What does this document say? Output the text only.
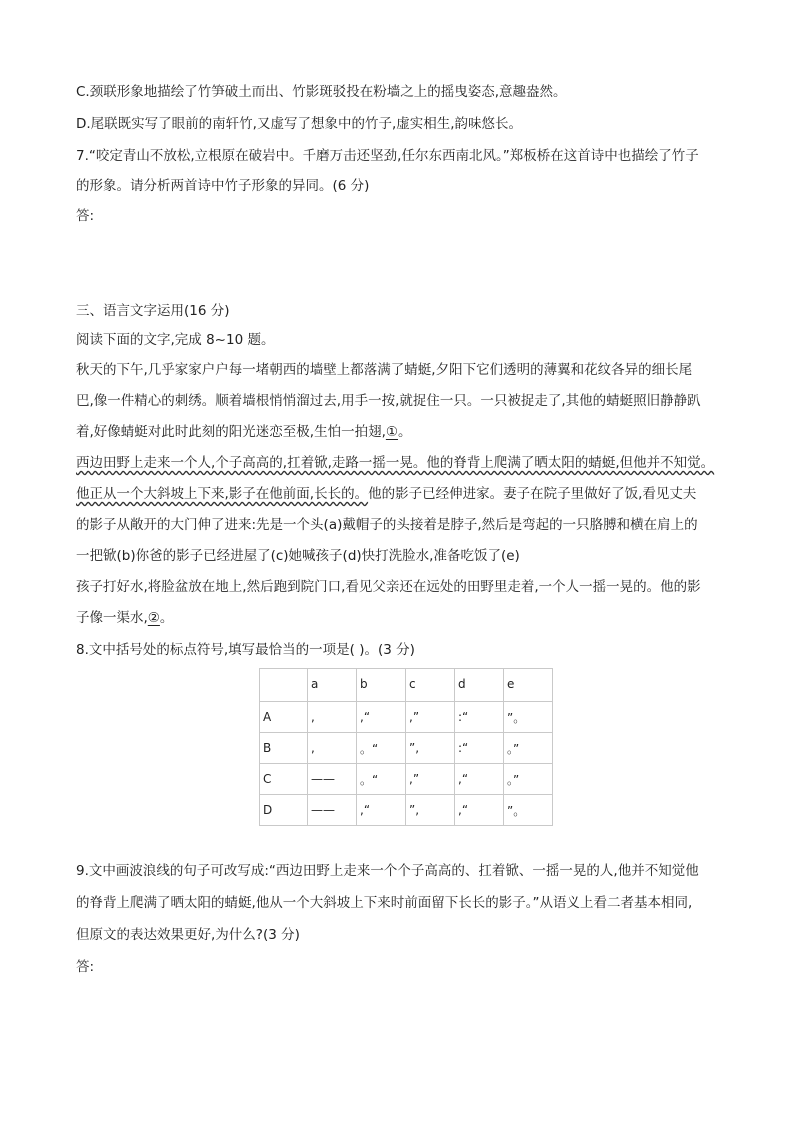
C.颈联形象地描绘了竹笋破土而出、竹影斑驳投在粉墙之上的摇曳姿态,意趣盎然。
D.尾联既实写了眼前的南轩竹,又虚写了想象中的竹子,虚实相生,韵味悠长。
7.“咬定青山不放松,立根原在破岩中。千磨万击还坚劲,任尔东西南北风。”郑板桥在这首诗中也描绘了竹子
的形象。请分析两首诗中竹子形象的异同。(6 分)
答:
三、语言文字运用(16 分)
阅读下面的文字,完成 8~10 题。
秋天的下午,几乎家家户户每一堵朝西的墙壁上都落满了蜻蜓,夕阳下它们透明的薄翼和花纹各异的细长尾
巴,像一件精心的刺绣。顺着墙根悄悄溜过去,用手一按,就捉住一只。一只被捉走了,其他的蜻蜓照旧静静趴
着,好像蜻蜓对此时此刻的阳光迷恋至极,生怕一拍翅,①。
西边田野上走来一个人,个子高高的,扛着锨,走路一摇一晃。他的脊背上爬满了晒太阳的蜻蜓,但他并不知觉。
他正从一个大斜坡上下来,影子在他前面,长长的。他的影子已经伸进家。妻子在院子里做好了饭,看见丈夫
的影子从敞开的大门伸了进来:先是一个头(a)戴帽子的头接着是脖子,然后是弯起的一只胳膊和横在肩上的
一把锨(b)你爸的影子已经进屋了(c)她喊孩子(d)快打洗脸水,准备吃饭了(e)
孩子打好水,将脸盆放在地上,然后跑到院门口,看见父亲还在远处的田野里走着,一个人一摇一晃的。他的影
子像一渠水,②。
8.文中括号处的标点符号,填写最恰当的一项是( )。(3 分)
	a	b	c	d	e
A	,	,“	,”	:“	”。
B	,	。“	”,	:“	。”
C	——	。“	,”	,“	。”
D	——	,“	”,	,“	”。
9.文中画波浪线的句子可改写成:“西边田野上走来一个个子高高的、扛着锨、一摇一晃的人,他并不知觉他
的脊背上爬满了晒太阳的蜻蜓,他从一个大斜坡上下来时前面留下长长的影子。”从语义上看二者基本相同,
但原文的表达效果更好,为什么?(3 分)
答:
